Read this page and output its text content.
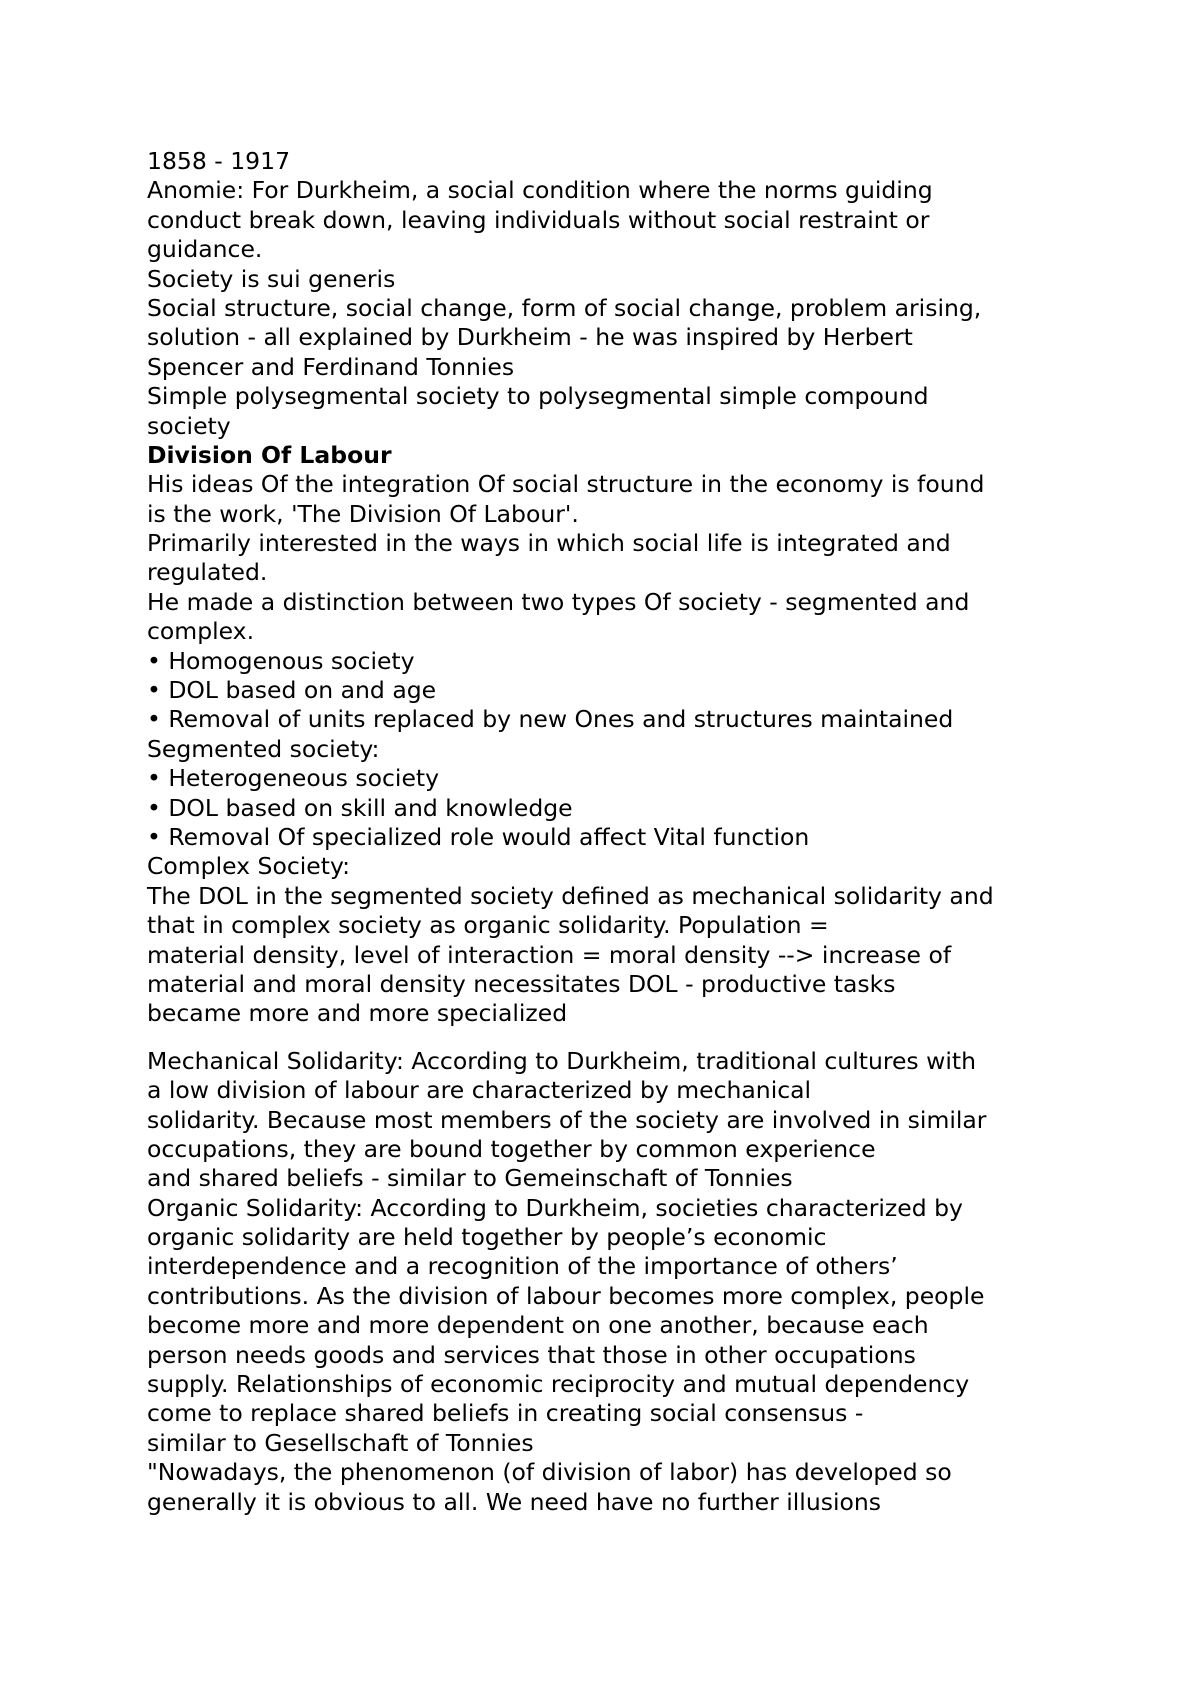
1858 - 1917
Anomie: For Durkheim, a social condition where the norms guiding
conduct break down, leaving individuals without social restraint or
guidance.
Society is sui generis
Social structure, social change, form of social change, problem arising,
solution - all explained by Durkheim - he was inspired by Herbert
Spencer and Ferdinand Tonnies
Simple polysegmental society to polysegmental simple compound
society
Division Of Labour
His ideas Of the integration Of social structure in the economy is found
is the work, 'The Division Of Labour'.
Primarily interested in the ways in which social life is integrated and
regulated.
He made a distinction between two types Of society - segmented and
complex.
• Homogenous society
• DOL based on and age
• Removal of units replaced by new Ones and structures maintained
Segmented society:
• Heterogeneous society
• DOL based on skill and knowledge
• Removal Of specialized role would affect Vital function
Complex Society:
The DOL in the segmented society defined as mechanical solidarity and
that in complex society as organic solidarity. Population =
material density, level of interaction = moral density --> increase of
material and moral density necessitates DOL - productive tasks
became more and more specialized
Mechanical Solidarity: According to Durkheim, traditional cultures with
a low division of labour are characterized by mechanical
solidarity. Because most members of the society are involved in similar
occupations, they are bound together by common experience
and shared beliefs - similar to Gemeinschaft of Tonnies
Organic Solidarity: According to Durkheim, societies characterized by
organic solidarity are held together by people’s economic
interdependence and a recognition of the importance of others’
contributions. As the division of labour becomes more complex, people
become more and more dependent on one another, because each
person needs goods and services that those in other occupations
supply. Relationships of economic reciprocity and mutual dependency
come to replace shared beliefs in creating social consensus -
similar to Gesellschaft of Tonnies
"Nowadays, the phenomenon (of division of labor) has developed so
generally it is obvious to all. We need have no further illusions
